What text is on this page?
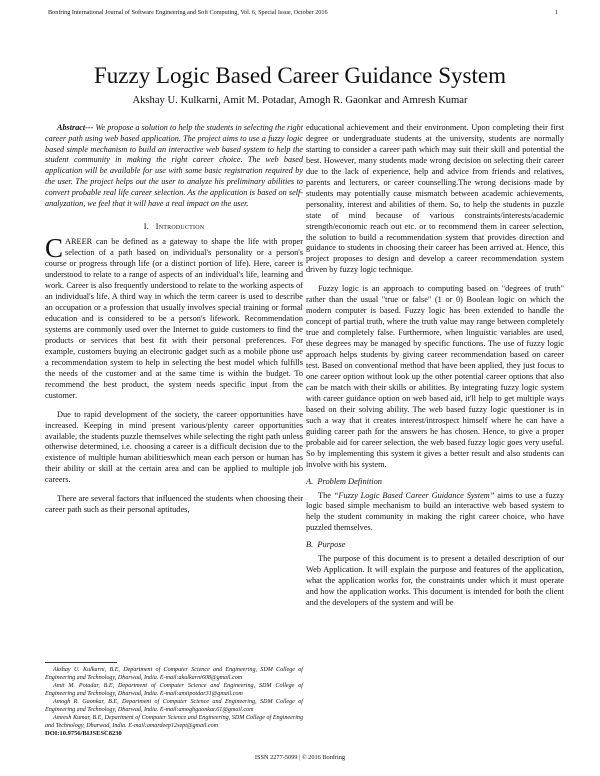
Bonfring International Journal of Software Engineering and Soft Computing, Vol. 6, Special Issue, October 2016	1
Fuzzy Logic Based Career Guidance System
Akshay U. Kulkarni, Amit M. Potadar, Amogh R. Gaonkar and Amresh Kumar

Abstract--- We propose a solution to help the students in selecting the right career path using web based application. The project aims to use a fuzzy logic based simple mechanism to build an interactive web based system to help the student community in making the right career choice. The web based application will be available for use with some basic registration required by the user. The project helps out the user to analyze his preliminary abilities to convert probable real life career selection. As the application is based on self-analyzation, we feel that it will have a real impact on the user.

I. Introduction

CAREER can be defined as a gateway to shape the life with proper selection of a path based on individual's personality or a person's course or progress through life (or a distinct portion of life). Here, career is understood to relate to a range of aspects of an individual's life, learning and work. Career is also frequently understood to relate to the working aspects of an individual's life. A third way in which the term career is used to describe an occupation or a profession that usually involves special training or formal education and is considered to be a person's lifework. Recommendation systems are commonly used over the Internet to guide customers to find the products or services that best fit with their personal preferences. For example, customers buying an electronic gadget such as a mobile phone use a recommendation system to help in selecting the best model which fulfills the needs of the customer and at the same time is within the budget. To recommend the best product, the system needs specific input from the customer.

Due to rapid development of the society, the career opportunities have increased. Keeping in mind present various/plenty career opportunities available, the students puzzle themselves while selecting the right path unless otherwise determined, i.e. choosing a career is a difficult decision due to the existence of multiple human abilitieswhich mean each person or human has their ability or skill at the certain area and can be applied to multiple job careers.

There are several factors that influenced the students when choosing their career path such as their personal aptitudes,

Akshay U. Kulkarni, B.E, Department of Computer Science and Engineering, SDM College of Engineering and Technology, Dharwad, India. E-mail:akulkarni608@gmail.com

Amit M. Potadar, B.E, Department of Computer Science and Engineering, SDM College of Engineering and Technology, Dharwad, India. E-mail:amitpotdar31@gmail.com

Amogh R. Gaonkar, B.E, Department of Computer Science and Engineering, SDM College of Engineering and Technology, Dharwad, India. E-mail:amoghgaonkar.61@gmail.com

Amresh Kumar, B.E, Department of Computer Science and Engineering, SDM College of Engineering and Technology, Dharwad, India. E-mail:amardeep12sept@gmail.com

DOI:10.9756/BIJSESC8230

educational achievement and their environment. Upon completing their first degree or undergraduate students at the university, students are normally starting to consider a career path which may suit their skill and potential the best. However, many students made wrong decision on selecting their career due to the lack of experience, help and advice from friends and relatives, parents and lecturers, or career counselling.The wrong decisions made by students may potentially cause mismatch between academic achievements, personality, interest and abilities of them. So, to help the students in puzzle state of mind because of various constraints/interests/academic strength/economic reach out etc. or to recommend them in career selection, the solution to build a recommendation system that provides direction and guidance to students in choosing their career has been arrived at. Hence, this project proposes to design and develop a career recommendation system driven by fuzzy logic technique.

Fuzzy logic is an approach to computing based on "degrees of truth" rather than the usual "true or false" (1 or 0) Boolean logic on which the modern computer is based. Fuzzy logic has been extended to handle the concept of partial truth, where the truth value may range between completely true and completely false. Furthermore, when linguistic variables are used, these degrees may be managed by specific functions. The use of fuzzy logic approach helps students by giving career recommendation based on career test. Based on conventional method that have been applied, they just focus to one career option without look up the other potential career options that also can be match with their skills or abilities. By integrating fuzzy logic system with career guidance option on web based aid, it'll help to get multiple ways based on their solving ability. The web based fuzzy logic questioner is in such a way that it creates interest/introspect himself where he can have a guiding career path for the answers he has chosen. Hence, to give a proper probable aid for career selection, the web based fuzzy logic goes very useful. So by implementing this system it gives a better result and also students can involve with his system.

A. Problem Definition

The “Fuzzy Logic Based Career Guidance System” aims to use a fuzzy logic based simple mechanism to build an interactive web based system to help the student community in making the right career choice, who have puzzled themselves.

B. Purpose

The purpose of this document is to present a detailed description of our Web Application. It will explain the purpose and features of the application, what the application works for, the constraints under which it must operate and how the application works. This document is intended for both the client and the developers of the system and will be

ISSN 2277-5099 | © 2016 Bonfring
